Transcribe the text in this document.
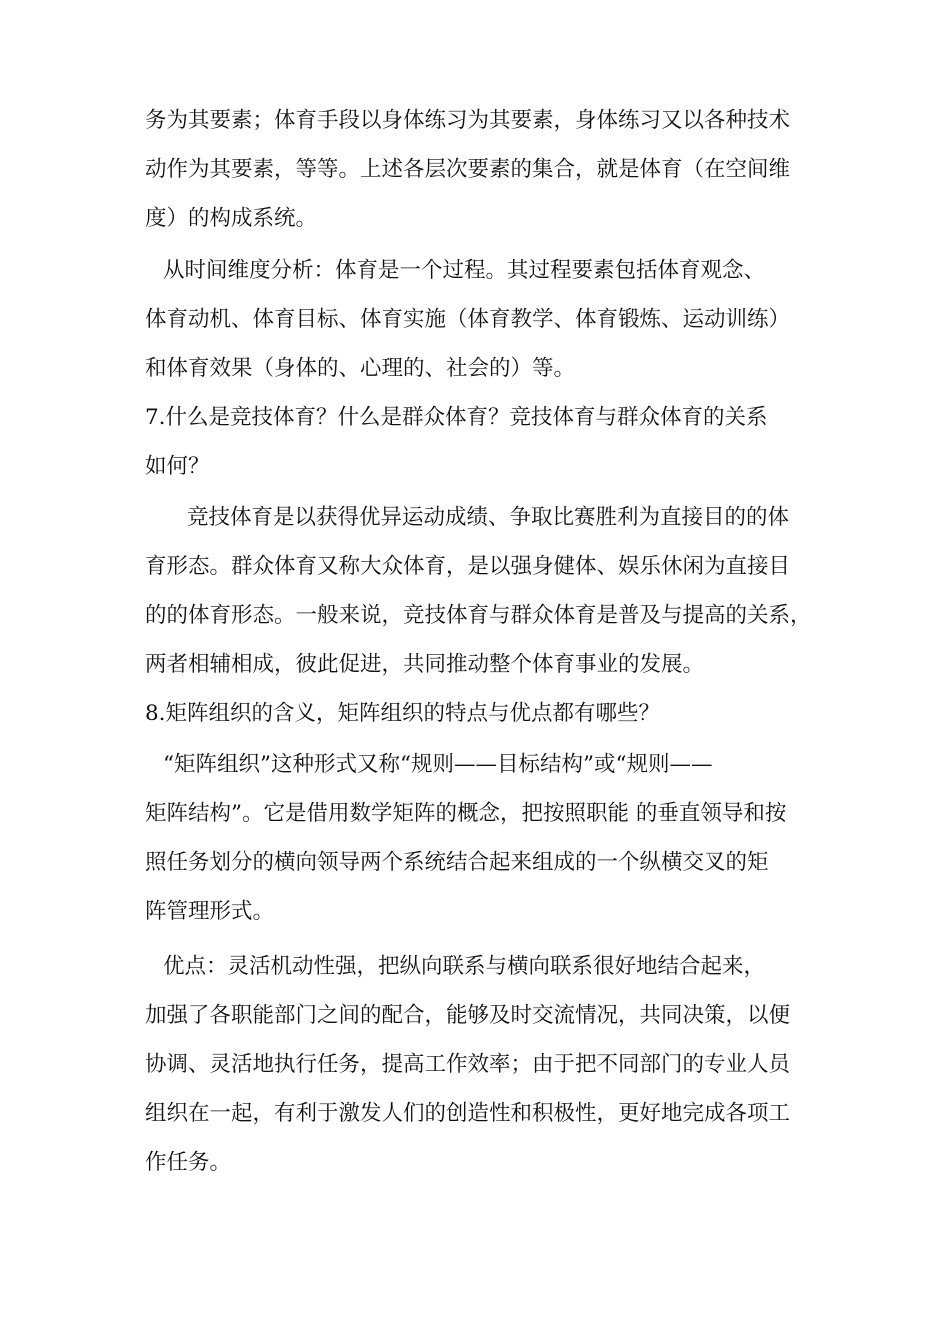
务为其要素；体育手段以身体练习为其要素，身体练习又以各种技术
动作为其要素，等等。上述各层次要素的集合，就是体育（在空间维
度）的构成系统。
从时间维度分析：体育是一个过程。其过程要素包括体育观念、
体育动机、体育目标、体育实施（体育教学、体育锻炼、运动训练）
和体育效果（身体的、心理的、社会的）等。
7.什么是竞技体育？什么是群众体育？竞技体育与群众体育的关系
如何？
竞技体育是以获得优异运动成绩、争取比赛胜利为直接目的的体
育形态。群众体育又称大众体育，是以强身健体、娱乐休闲为直接目
的的体育形态。一般来说，竞技体育与群众体育是普及与提高的关系，
两者相辅相成，彼此促进，共同推动整个体育事业的发展。
8.矩阵组织的含义，矩阵组织的特点与优点都有哪些？
“矩阵组织”这种形式又称“规则——目标结构”或“规则——
矩阵结构”。它是借用数学矩阵的概念，把按照职能 的垂直领导和按
照任务划分的横向领导两个系统结合起来组成的一个纵横交叉的矩
阵管理形式。
优点：灵活机动性强，把纵向联系与横向联系很好地结合起来，
加强了各职能部门之间的配合，能够及时交流情况，共同决策，以便
协调、灵活地执行任务，提高工作效率；由于把不同部门的专业人员
组织在一起，有利于激发人们的创造性和积极性，更好地完成各项工
作任务。
